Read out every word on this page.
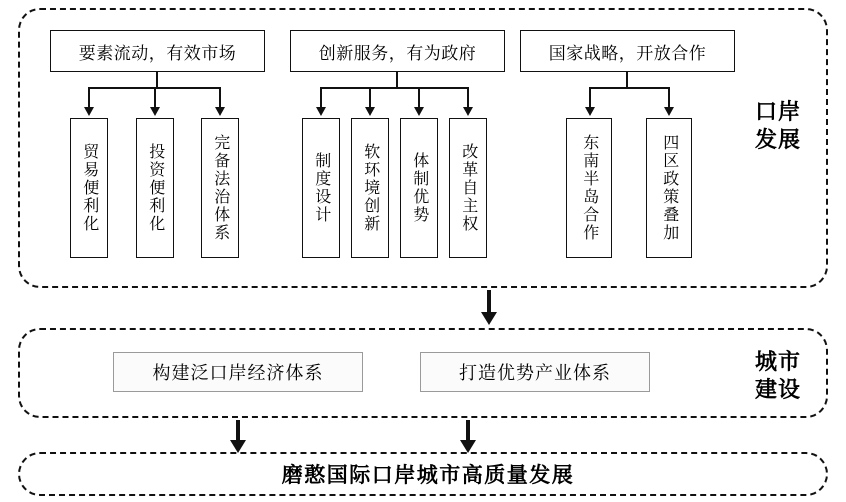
口岸
发展
要素流动，有效市场	创新服务，有为政府	国家战略，开放合作
贸易便利化	投资便利化	完备法治体系	制度设计	软环境创新	体制优势	改革自主权	东南半岛合作	四区政策叠加
城市
建设
构建泛口岸经济体系	打造优势产业体系
磨憨国际口岸城市高质量发展
